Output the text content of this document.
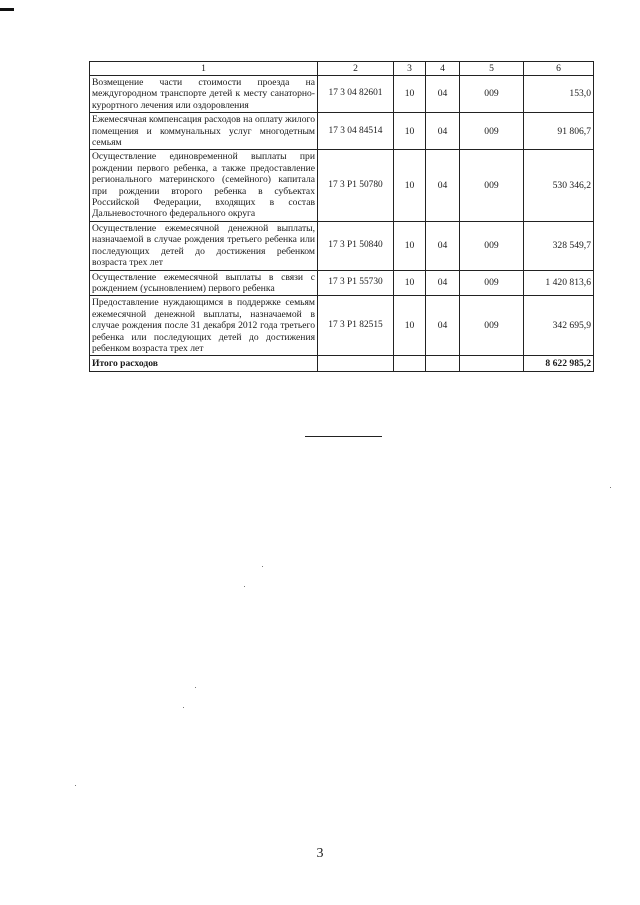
1	2	3	4	5	6
Возмещение части стоимости проезда на междугородном транспорте детей к месту санаторно-курортного лечения или оздоровления	17 3 04 82601	10	04	009	153,0
Ежемесячная компенсация расходов на оплату жилого помещения и коммунальных услуг многодетным семьям	17 3 04 84514	10	04	009	91 806,7
Осуществление единовременной выплаты при рождении первого ребенка, а также предоставление регионального материнского (семейного) капитала при рождении второго ребенка в субъектах Российской Федерации, входящих в состав Дальневосточного федерального округа	17 3 P1 50780	10	04	009	530 346,2
Осуществление ежемесячной денежной выплаты, назначаемой в случае рождения третьего ребенка или последующих детей до достижения ребенком возраста трех лет	17 3 P1 50840	10	04	009	328 549,7
Осуществление ежемесячной выплаты в связи с рождением (усыновлением) первого ребенка	17 3 P1 55730	10	04	009	1 420 813,6
Предоставление нуждающимся в поддержке семьям ежемесячной денежной выплаты, назначаемой в случае рождения после 31 декабря 2012 года третьего ребенка или последующих детей до достижения ребенком возраста трех лет	17 3 P1 82515	10	04	009	342 695,9
Итого расходов					8 622 985,2
3
